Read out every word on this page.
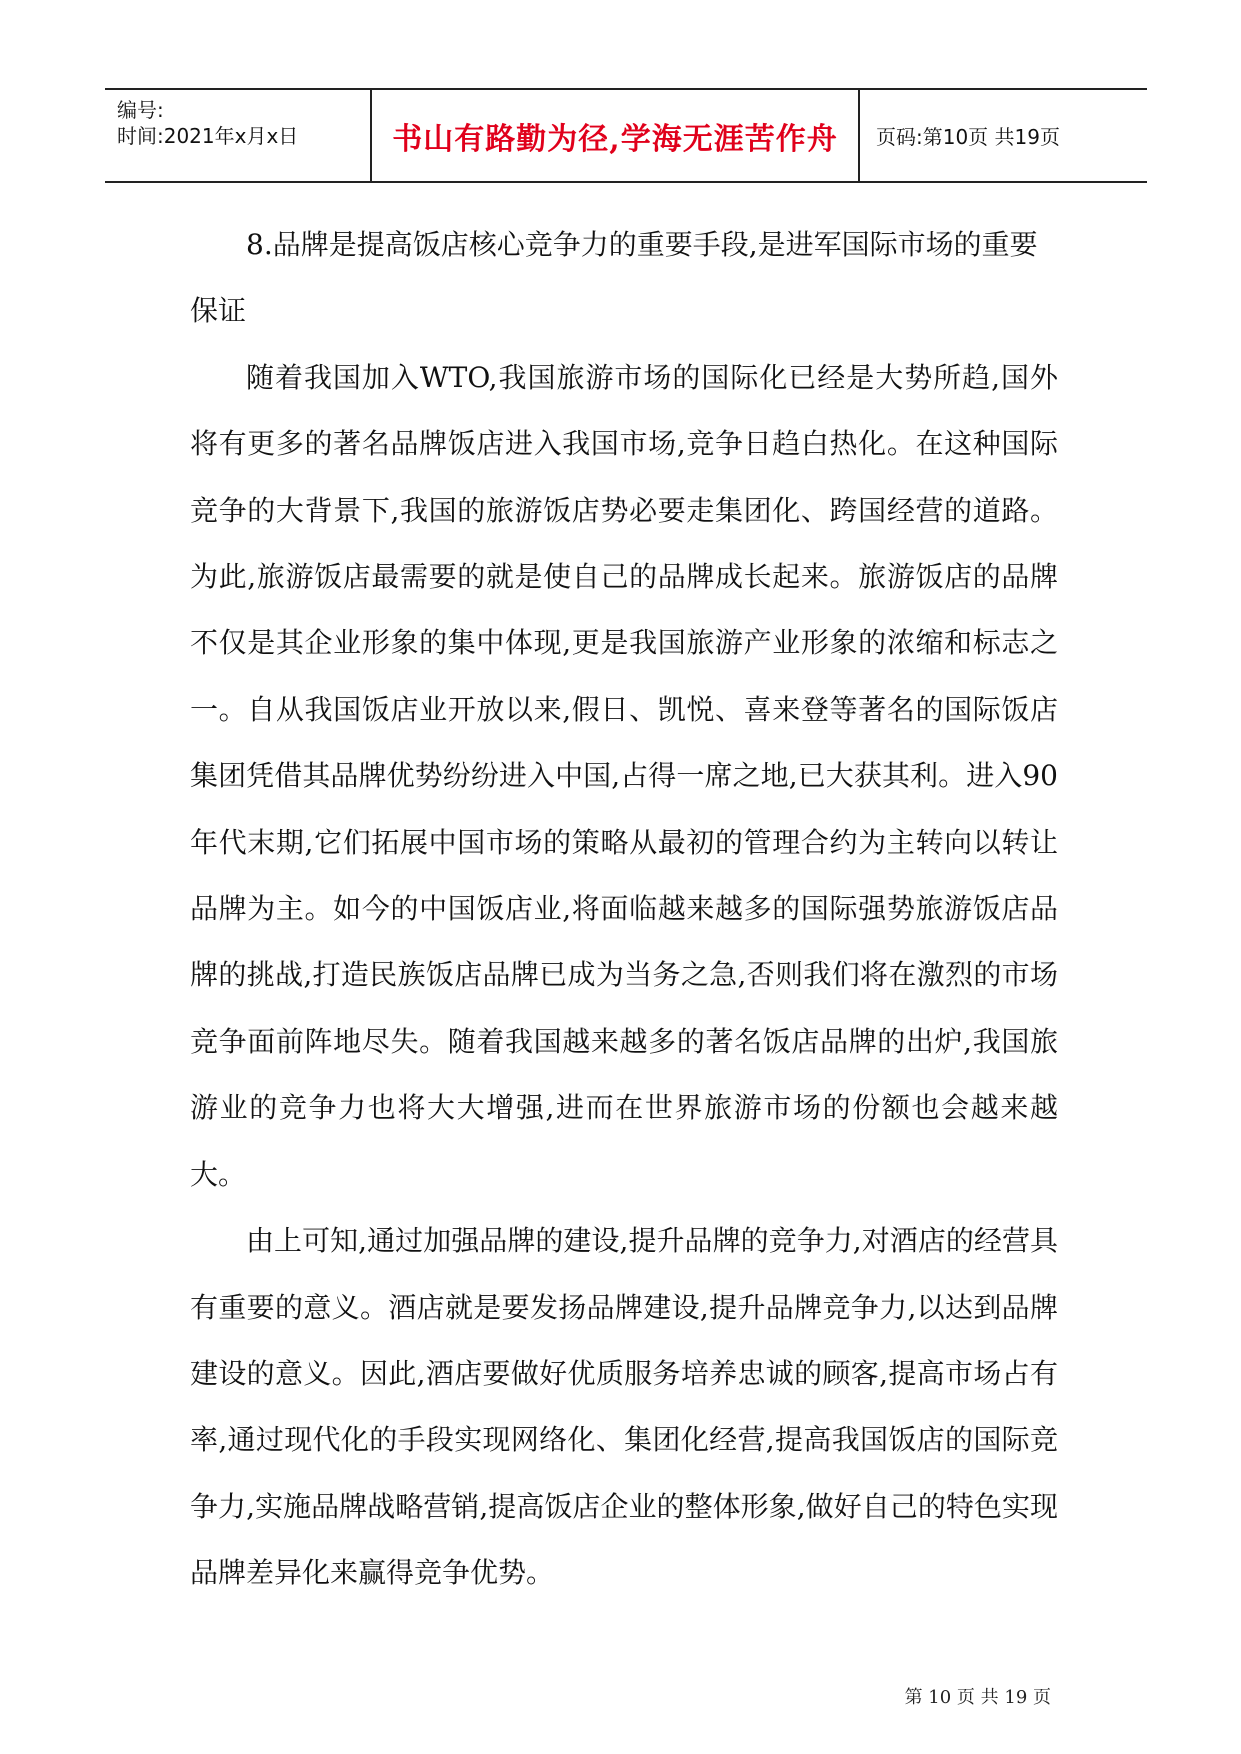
编号:
时间:2021年x月x日	书山有路勤为径,学海无涯苦作舟 页码:第10页 共19页

8.品牌是提高饭店核心竞争力的重要手段,是进军国际市场的重要保证

随着我国加入WTO,我国旅游市场的国际化已经是大势所趋,国外将有更多的著名品牌饭店进入我国市场,竞争日趋白热化。在这种国际竞争的大背景下,我国的旅游饭店势必要走集团化、跨国经营的道路。为此,旅游饭店最需要的就是使自己的品牌成长起来。旅游饭店的品牌不仅是其企业形象的集中体现,更是我国旅游产业形象的浓缩和标志之一。自从我国饭店业开放以来,假日、凯悦、喜来登等著名的国际饭店集团凭借其品牌优势纷纷进入中国,占得一席之地,已大获其利。进入90年代末期,它们拓展中国市场的策略从最初的管理合约为主转向以转让品牌为主。如今的中国饭店业,将面临越来越多的国际强势旅游饭店品牌的挑战,打造民族饭店品牌已成为当务之急,否则我们将在激烈的市场竞争面前阵地尽失。随着我国越来越多的著名饭店品牌的出炉,我国旅游业的竞争力也将大大增强,进而在世界旅游市场的份额也会越来越大。

由上可知,通过加强品牌的建设,提升品牌的竞争力,对酒店的经营具有重要的意义。酒店就是要发扬品牌建设,提升品牌竞争力,以达到品牌建设的意义。因此,酒店要做好优质服务培养忠诚的顾客,提高市场占有率,通过现代化的手段实现网络化、集团化经营,提高我国饭店的国际竞争力,实施品牌战略营销,提高饭店企业的整体形象,做好自己的特色实现品牌差异化来赢得竞争优势。

第 10 页 共 19 页
